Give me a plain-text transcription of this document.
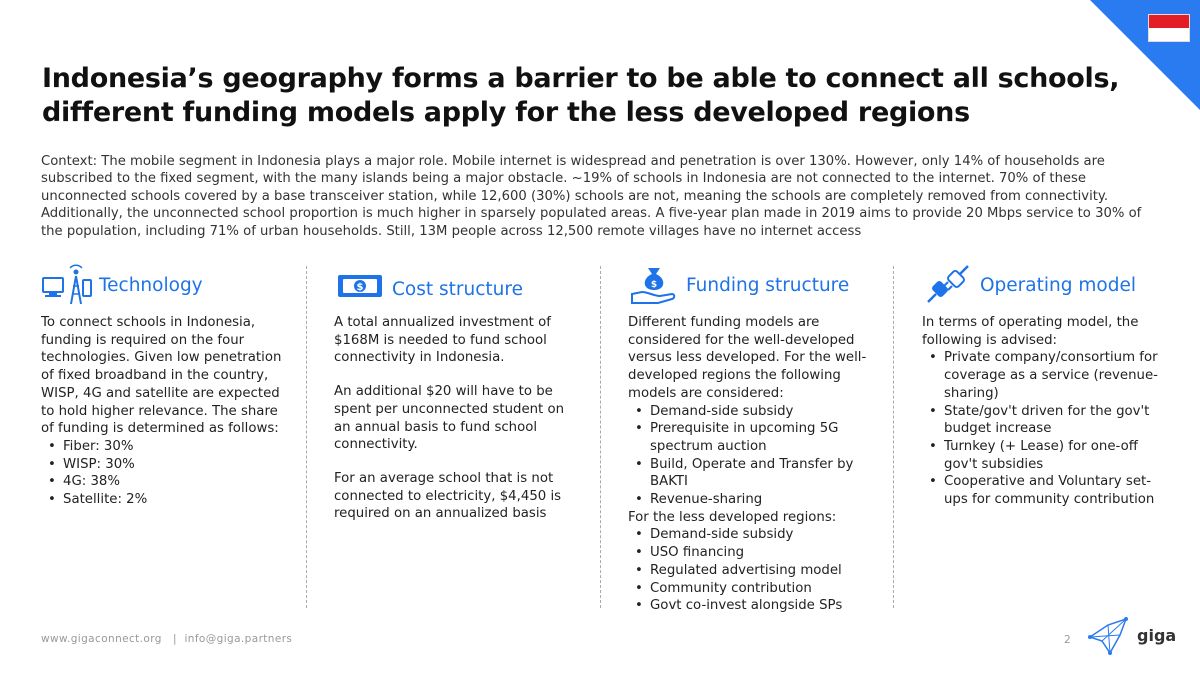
Indonesia’s geography forms a barrier to be able to connect all schools,
different funding models apply for the less developed regions

Context: The mobile segment in Indonesia plays a major role. Mobile internet is widespread and penetration is over 130%. However, only 14% of households are subscribed to the fixed segment, with the many islands being a major obstacle. ~19% of schools in Indonesia are not connected to the internet. 70% of these unconnected schools covered by a base transceiver station, while 12,600 (30%) schools are not, meaning the schools are completely removed from connectivity. Additionally, the unconnected school proportion is much higher in sparsely populated areas. A five-year plan made in 2019 aims to provide 20 Mbps service to 30% of the population, including 71% of urban households. Still, 13M people across 12,500 remote villages have no internet access

Technology

To connect schools in Indonesia, funding is required on the four technologies. Given low penetration of fixed broadband in the country, WISP, 4G and satellite are expected to hold higher relevance. The share of funding is determined as follows:

• Fiber: 30%
• WISP: 30%
• 4G: 38%
• Satellite: 2%
$ Cost structure

A total annualized investment of $168M is needed to fund school connectivity in Indonesia.

An additional $20 will have to be spent per unconnected student on an annual basis to fund school connectivity.

For an average school that is not connected to electricity, $4,450 is required on an annualized basis

$ Funding structure

Different funding models are considered for the well-developed versus less developed. For the well-developed regions the following models are considered:

• Demand-side subsidy
• Prerequisite in upcoming 5G spectrum auction
• Build, Operate and Transfer by BAKTI
• Revenue-sharing
For the less developed regions:
• Demand-side subsidy
• USO financing
• Regulated advertising model
• Community contribution
• Govt co-invest alongside SPs
Operating model

In terms of operating model, the following is advised:

• Private company/consortium for coverage as a service (revenue-sharing)
• State/gov't driven for the gov't budget increase
• Turnkey (+ Lease) for one-off gov't subsidies
• Cooperative and Voluntary set-ups for community contribution
www.gigaconnect.org   |  info@giga.partners	2	giga
